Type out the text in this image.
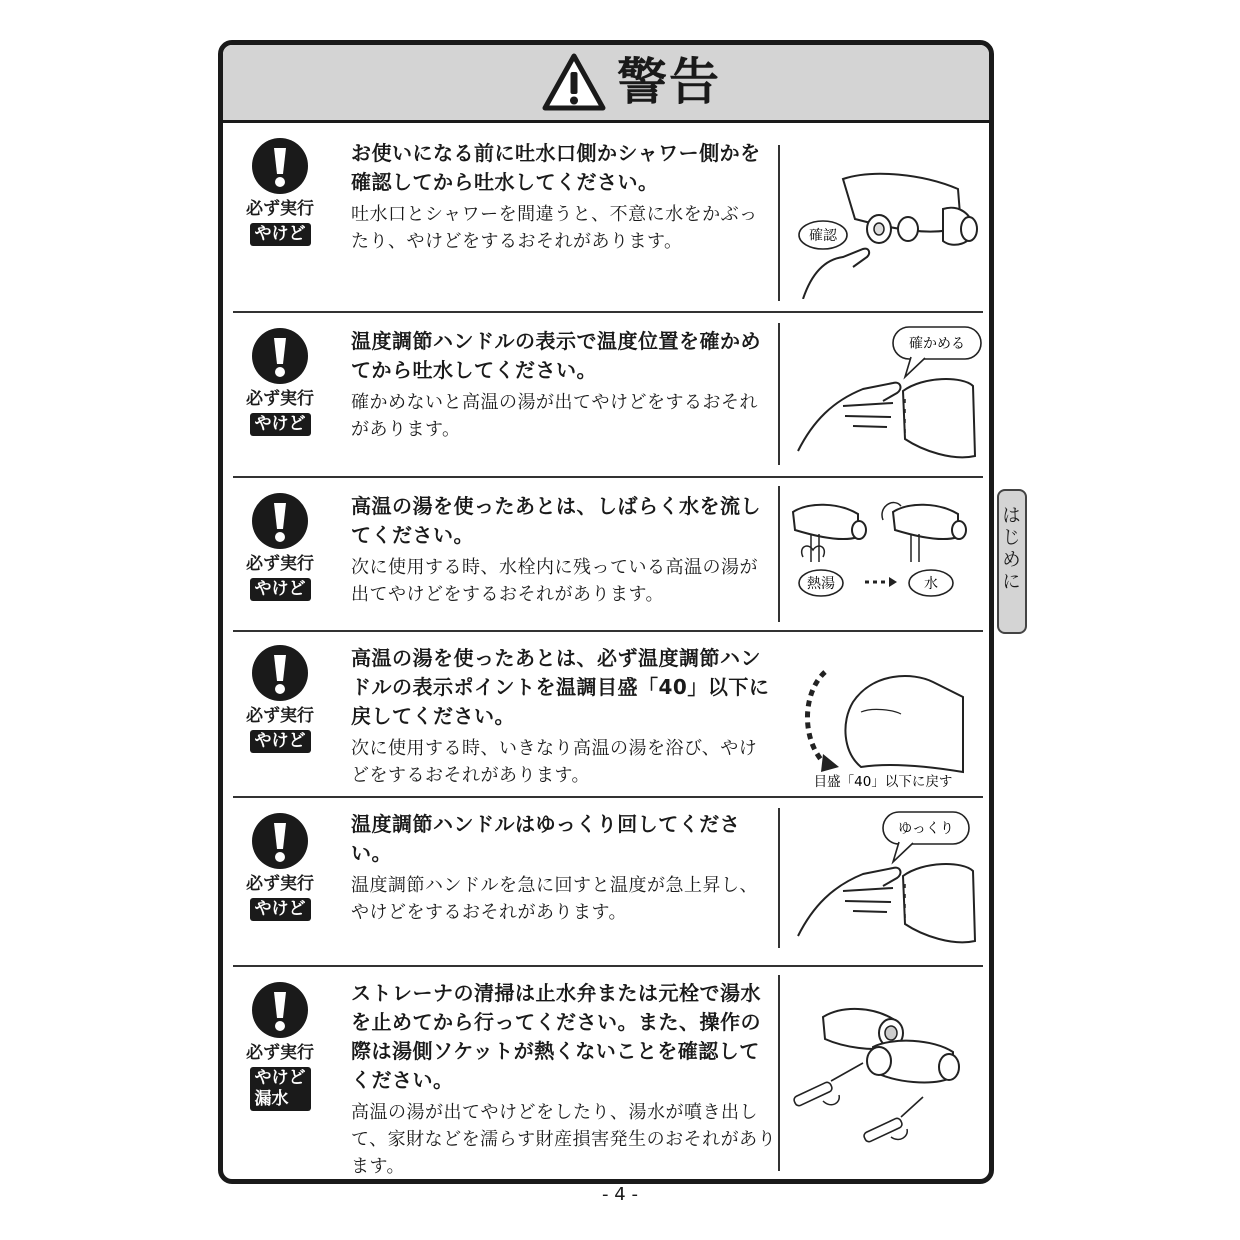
警告
必ず実行
やけど
お使いになる前に吐水口側かシャワー側かを確認してから吐水してください。
吐水口とシャワーを間違うと、不意に水をかぶったり、やけどをするおそれがあります。	確認
必ず実行
やけど
温度調節ハンドルの表示で温度位置を確かめてから吐水してください。
確かめないと高温の湯が出てやけどをするおそれがあります。
確かめる
必ず実行
やけど
高温の湯を使ったあとは、しばらく水を流してください。
次に使用する時、水栓内に残っている高温の湯が出てやけどをするおそれがあります。	熱湯	水
必ず実行
やけど
高温の湯を使ったあとは、必ず温度調節ハンドルの表示ポイントを温調目盛「40」以下に戻してください。
次に使用する時、いきなり高温の湯を浴び、やけどをするおそれがあります。	目盛「40」以下に戻す
必ず実行
やけど
温度調節ハンドルはゆっくり回してください。
温度調節ハンドルを急に回すと温度が急上昇し、やけどをするおそれがあります。
ゆっくり
必ず実行
やけど
漏水
ストレーナの清掃は止水弁または元栓で湯水を止めてから行ってください。また、操作の際は湯側ソケットが熱くないことを確認してください。
高温の湯が出てやけどをしたり、湯水が噴き出して、家財などを濡らす財産損害発生のおそれがあります。
はじめに
- 4 -
